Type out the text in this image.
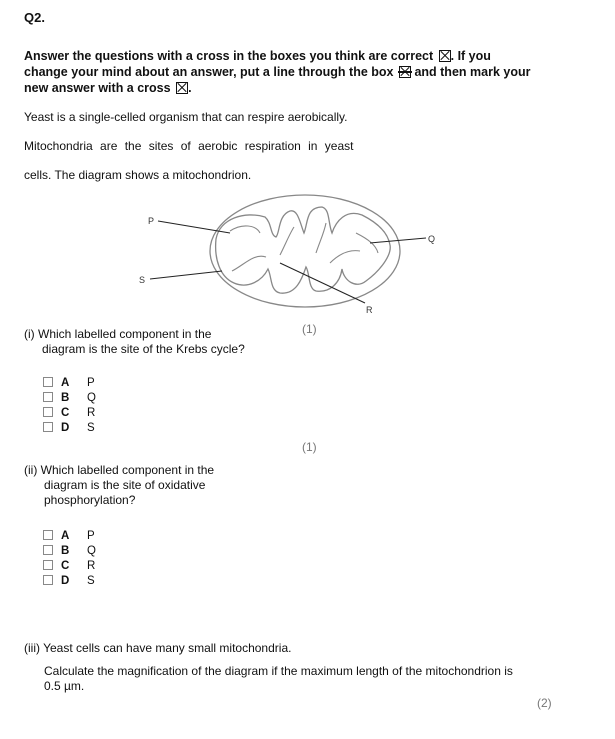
Q2.
Answer the questions with a cross in the boxes you think are correct ☒. If you
change your mind about an answer, put a line through the box and then mark your
new answer with a cross ☒.
Yeast is a single-celled organism that can respire aerobically.
Mitochondria are the sites of aerobic respiration in yeast
cells. The diagram shows a mitochondrion.
P
Q
R
S
(i) Which labelled component in the
diagram is the site of the Krebs cycle?
(1)
A P
B Q
C R
D S
(1)
(ii) Which labelled component in the
diagram is the site of oxidative
phosphorylation?
A P
B Q
C R
D S
(iii) Yeast cells can have many small mitochondria.
Calculate the magnification of the diagram if the maximum length of the mitochondrion is
0.5 µm.
(2)
